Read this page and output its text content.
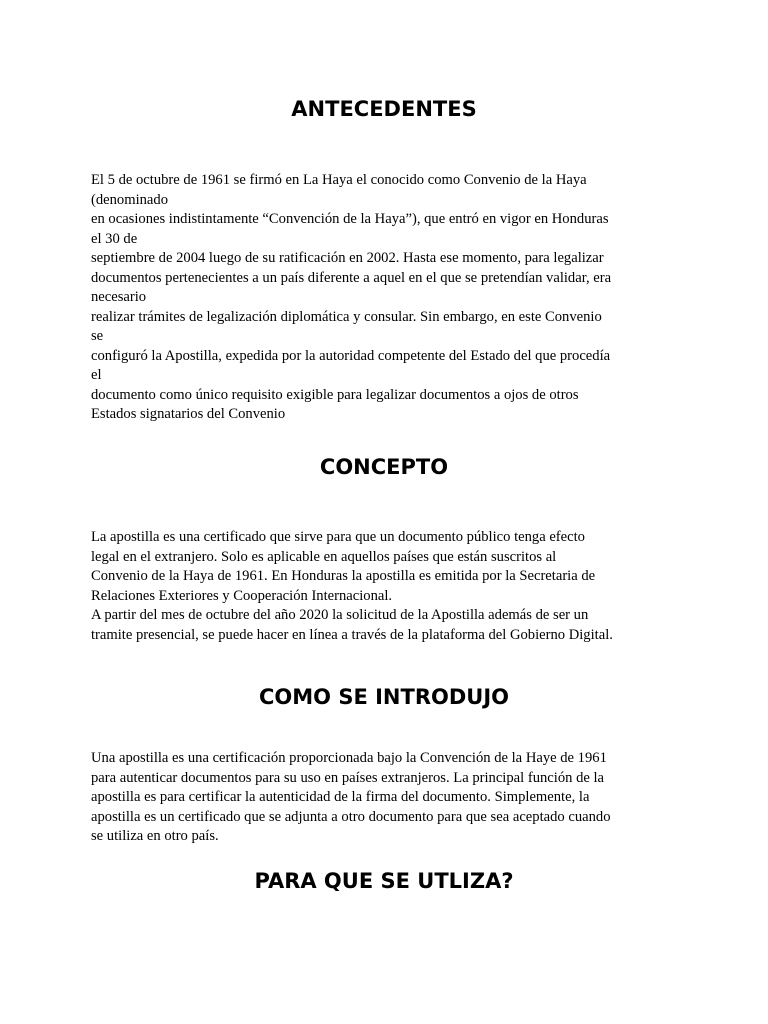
ANTECEDENTES
El 5 de octubre de 1961 se firmó en La Haya el conocido como Convenio de la Haya
(denominado
en ocasiones indistintamente “Convención de la Haya”), que entró en vigor en Honduras
el 30 de
septiembre de 2004 luego de su ratificación en 2002. Hasta ese momento, para legalizar
documentos pertenecientes a un país diferente a aquel en el que se pretendían validar, era
necesario
realizar trámites de legalización diplomática y consular. Sin embargo, en este Convenio
se
configuró la Apostilla, expedida por la autoridad competente del Estado del que procedía
el
documento como único requisito exigible para legalizar documentos a ojos de otros
Estados signatarios del Convenio
CONCEPTO
La apostilla es una certificado que sirve para que un documento público tenga efecto
legal en el extranjero. Solo es aplicable en aquellos países que están suscritos al
Convenio de la Haya de 1961. En Honduras la apostilla es emitida por la Secretaria de
Relaciones Exteriores y Cooperación Internacional.
A partir del mes de octubre del año 2020 la solicitud de la Apostilla además de ser un
tramite presencial, se puede hacer en línea a través de la plataforma del Gobierno Digital.
COMO SE INTRODUJO
Una apostilla es una certificación proporcionada bajo la Convención de la Haye de 1961
para autenticar documentos para su uso en países extranjeros. La principal función de la
apostilla es para certificar la autenticidad de la firma del documento. Simplemente, la
apostilla es un certificado que se adjunta a otro documento para que sea aceptado cuando
se utiliza en otro país.
PARA QUE SE UTLIZA?
